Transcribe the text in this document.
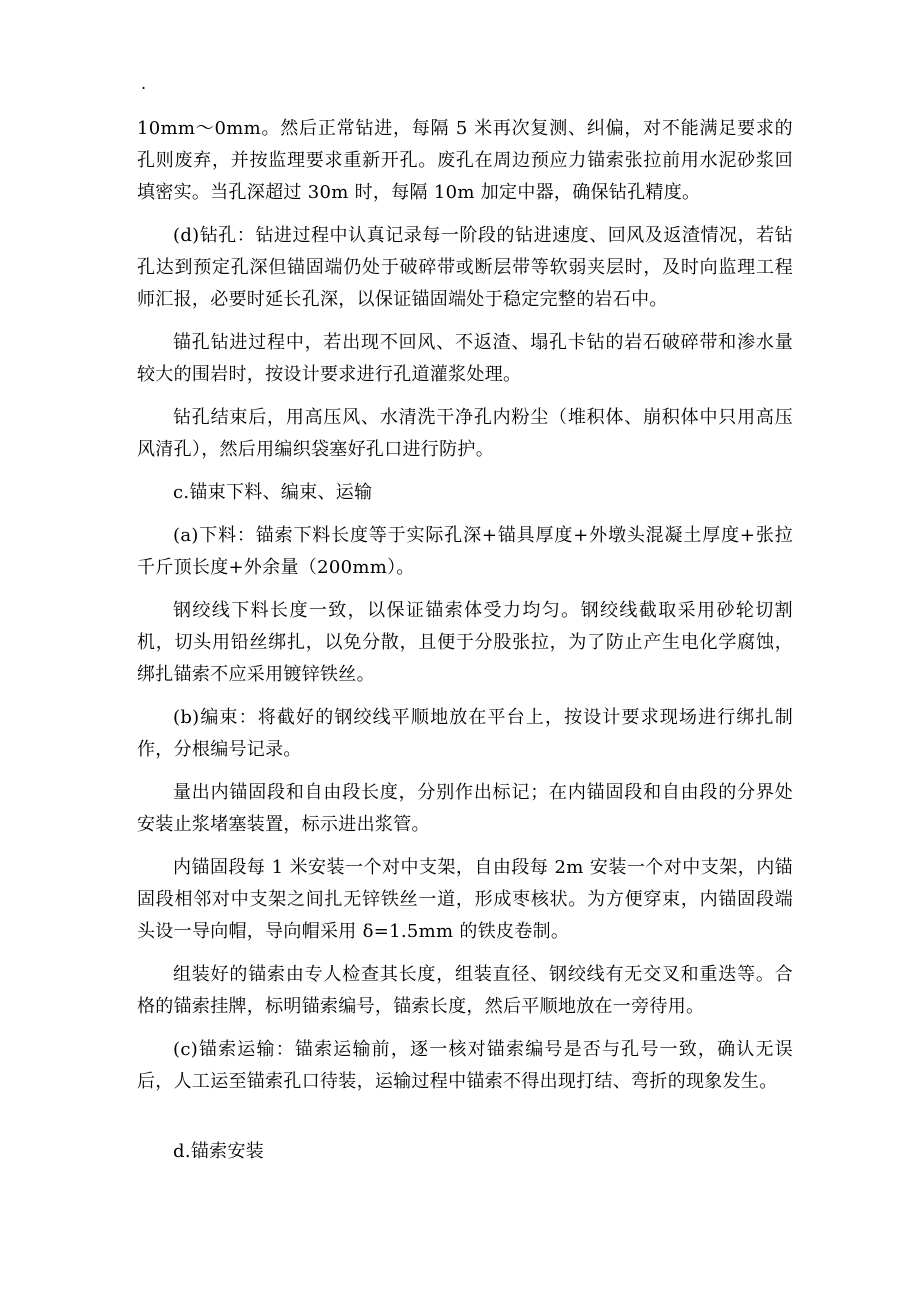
.

10mm～0mm。然后正常钻进，每隔 5 米再次复测、纠偏，对不能满足要求的孔则废弃，并按监理要求重新开孔。废孔在周边预应力锚索张拉前用水泥砂浆回填密实。当孔深超过 30m 时，每隔 10m 加定中器，确保钻孔精度。

(d)钻孔：钻进过程中认真记录每一阶段的钻进速度、回风及返渣情况，若钻孔达到预定孔深但锚固端仍处于破碎带或断层带等软弱夹层时，及时向监理工程师汇报，必要时延长孔深，以保证锚固端处于稳定完整的岩石中。

锚孔钻进过程中，若出现不回风、不返渣、塌孔卡钻的岩石破碎带和渗水量较大的围岩时，按设计要求进行孔道灌浆处理。

钻孔结束后，用高压风、水清洗干净孔内粉尘（堆积体、崩积体中只用高压风清孔），然后用编织袋塞好孔口进行防护。

c.锚束下料、编束、运输

(a)下料：锚索下料长度等于实际孔深+锚具厚度+外墩头混凝土厚度+张拉千斤顶长度+外余量（200mm）。

钢绞线下料长度一致，以保证锚索体受力均匀。钢绞线截取采用砂轮切割机，切头用铅丝绑扎，以免分散，且便于分股张拉，为了防止产生电化学腐蚀，绑扎锚索不应采用镀锌铁丝。

(b)编束：将截好的钢绞线平顺地放在平台上，按设计要求现场进行绑扎制作，分根编号记录。

量出内锚固段和自由段长度，分别作出标记；在内锚固段和自由段的分界处安装止浆堵塞装置，标示进出浆管。

内锚固段每 1 米安装一个对中支架，自由段每 2m 安装一个对中支架，内锚固段相邻对中支架之间扎无锌铁丝一道，形成枣核状。为方便穿束，内锚固段端头设一导向帽，导向帽采用 δ=1.5mm 的铁皮卷制。

组装好的锚索由专人检查其长度，组装直径、钢绞线有无交叉和重迭等。合格的锚索挂牌，标明锚索编号，锚索长度，然后平顺地放在一旁待用。

(c)锚索运输：锚索运输前，逐一核对锚索编号是否与孔号一致，确认无误后，人工运至锚索孔口待装，运输过程中锚索不得出现打结、弯折的现象发生。

d.锚索安装
